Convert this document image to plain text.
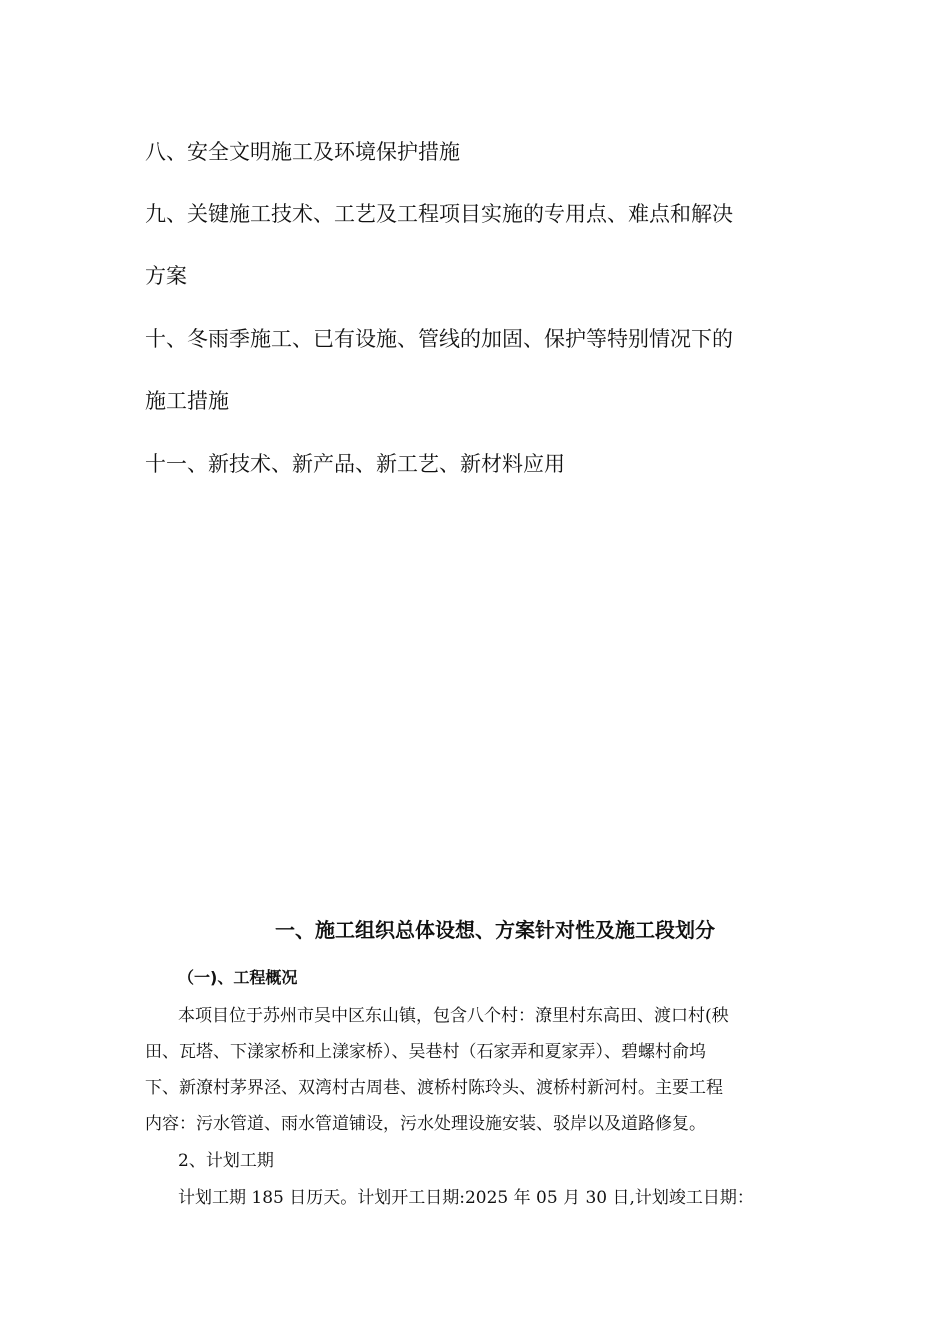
八、安全文明施工及环境保护措施
九、关键施工技术、工艺及工程项目实施的专用点、难点和解决
方案
十、冬雨季施工、已有设施、管线的加固、保护等特别情况下的
施工措施
十一、新技术、新产品、新工艺、新材料应用
一、施工组织总体设想、方案针对性及施工段划分
（一)、工程概况
本项目位于苏州市吴中区东山镇，包含八个村：潦里村东高田、渡口村(秧
田、瓦塔、下漾家桥和上漾家桥）、吴巷村（石家弄和夏家弄）、碧螺村俞坞
下、新潦村茅界泾、双湾村古周巷、渡桥村陈玲头、渡桥村新河村。主要工程
内容：污水管道、雨水管道铺设，污水处理设施安装、驳岸以及道路修复。
2、计划工期
计划工期 185 日历天。计划开工日期:2025 年 05 月 30 日,计划竣工日期：
